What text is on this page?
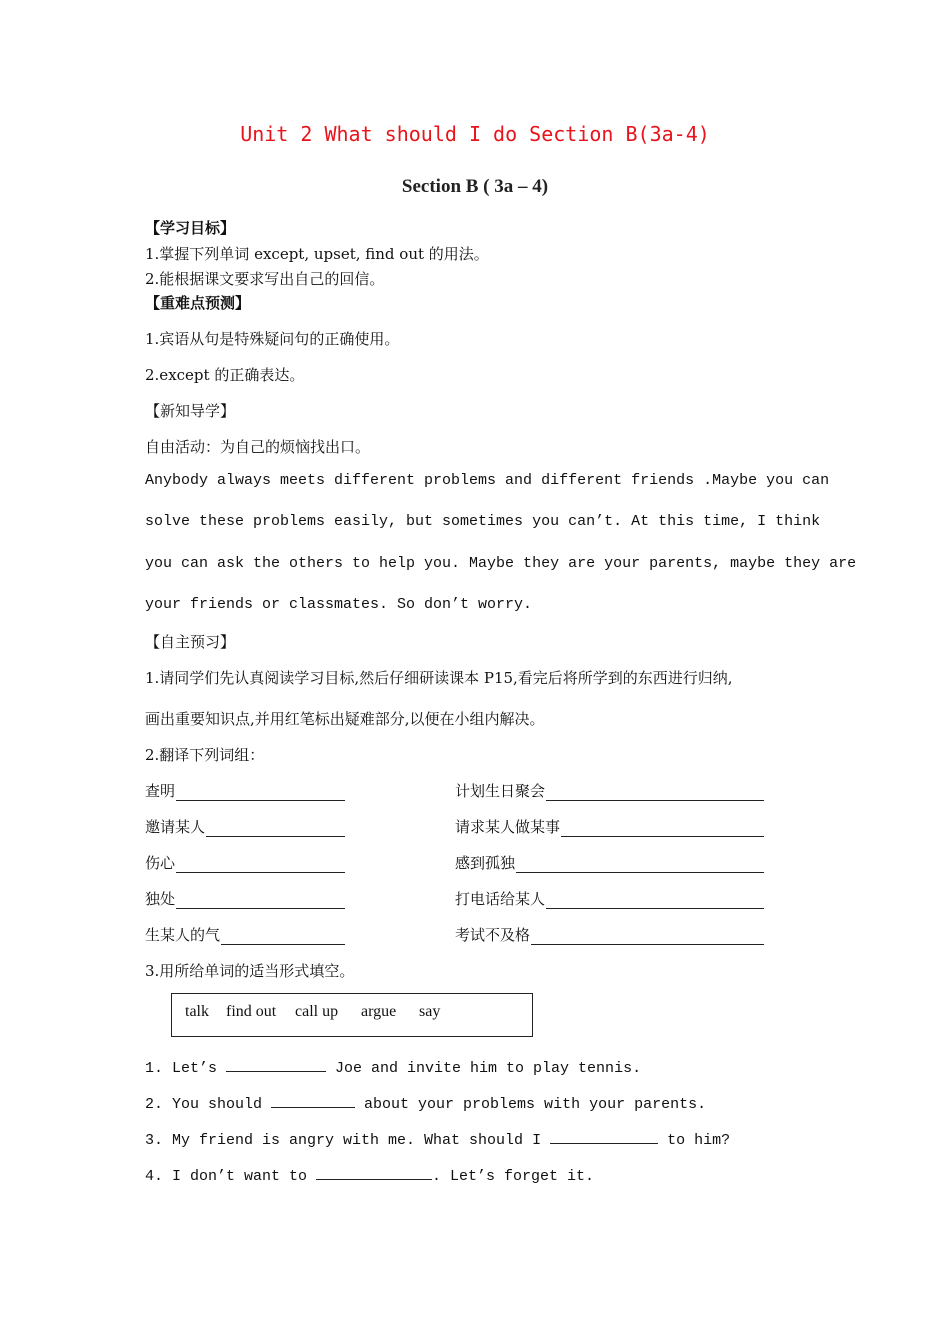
Unit 2 What should I do Section B(3a-4)
Section B ( 3a – 4)
【学习目标】
1.掌握下列单词 except, upset, find out 的用法。
2.能根据课文要求写出自己的回信。
【重难点预测】
1.宾语从句是特殊疑问句的正确使用。
2.except 的正确表达。
【新知导学】
自由活动：为自己的烦恼找出口。
Anybody always meets different problems and different friends .Maybe you can
solve these problems easily, but sometimes you can’t. At this time, I think
you can ask the others to help you. Maybe they are your parents, maybe they are
your friends or classmates. So don’t worry.
【自主预习】
1.请同学们先认真阅读学习目标,然后仔细研读课本 P15,看完后将所学到的东西进行归纳,
画出重要知识点,并用红笔标出疑难部分,以便在小组内解决。
2.翻译下列词组：
查明	计划生日聚会
邀请某人	请求某人做某事
伤心	感到孤独
独处	打电话给某人
生某人的气	考试不及格
3.用所给单词的适当形式填空。
talk find out call up argue say
1. Let’s	Joe and invite him to play tennis.
2. You should	about your problems with your parents.
3. My friend is angry with me. What should I	to him?
4. I don’t want to	. Let’s forget it.
